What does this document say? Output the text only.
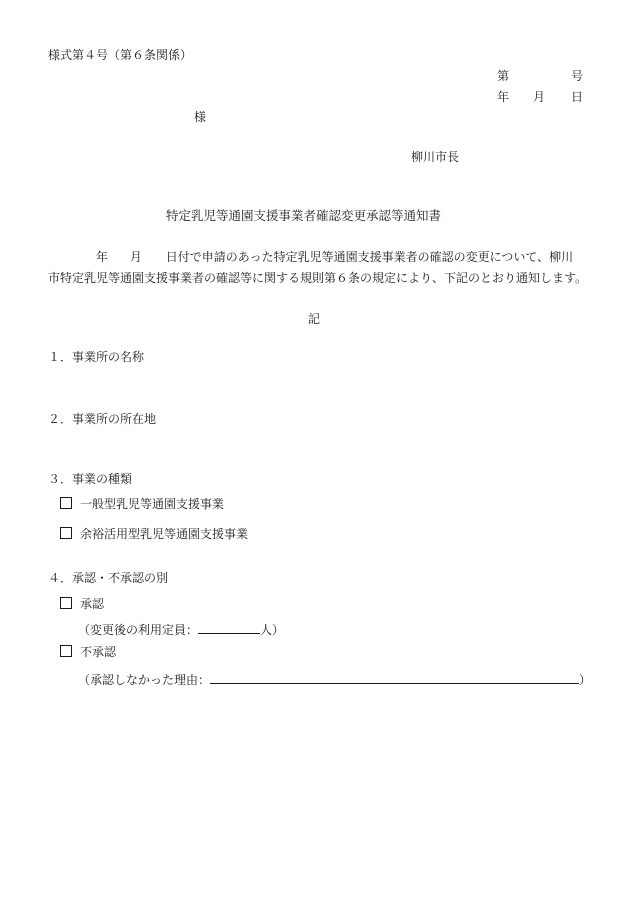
様式第４号（第６条関係）
第	号
年 月 日
様
柳川市長
特定乳児等通園支援事業者確認変更承認等通知書
年 月 日付で申請のあった特定乳児等通園支援事業者の確認の変更について、柳川
市特定乳児等通園支援事業者の確認等に関する規則第６条の規定により、下記のとおり通知します。
記
１．事業所の名称
２．事業所の所在地
３．事業の種類
一般型乳児等通園支援事業
余裕活用型乳児等通園支援事業
４．承認・不承認の別
承認
（変更後の利用定員：	人）
不承認
（承認しなかった理由：	）
